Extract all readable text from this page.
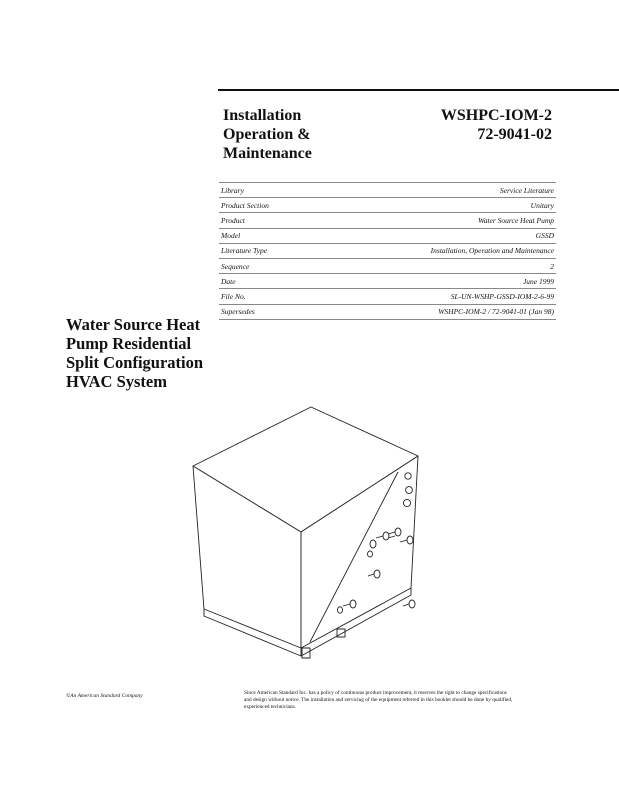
Installation
Operation &
Maintenance
WSHPC-IOM-2
72-9041-02
Library	Service Literature
Product Section	Unitary
Product	Water Source Heat Pump
Model	GSSD
Literature Type	Installation, Operation and Maintenance
Sequence	2
Date	June 1999
File No.	SL-UN-WSHP-GSSD-IOM-2-6-99
Supersedes	WSHPC-IOM-2 / 72-9041-01 (Jan 98)
Water Source Heat
Pump Residential
Split Configuration
HVAC System
©An American Standard Company	Since American Standard Inc. has a policy of continuous product improvement, it reserves the right to change specifications
and design without notice. The installation and servicing of the equipment referred in this booklet should be done by qualified,
experienced technicians.
